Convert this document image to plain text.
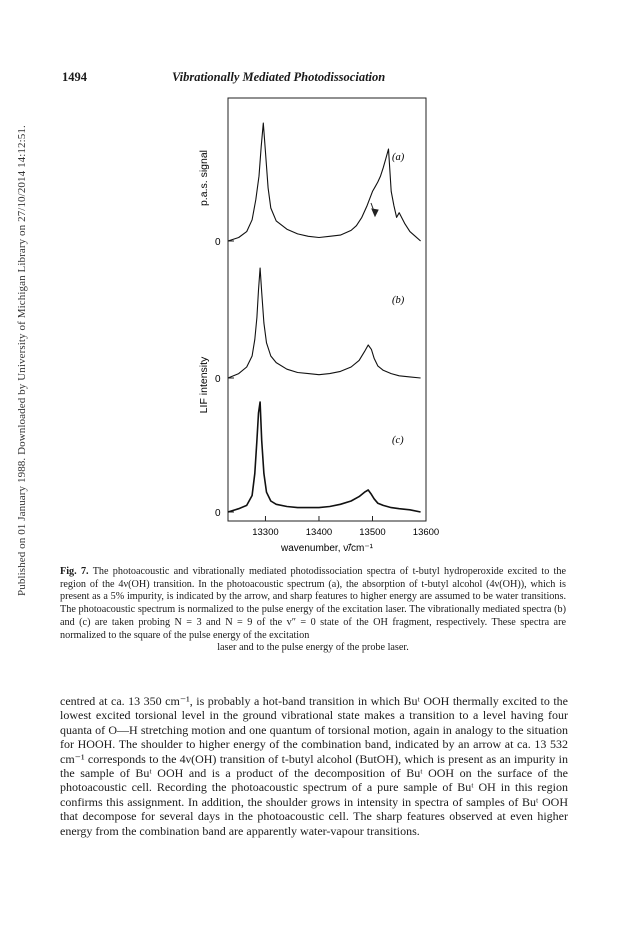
1494	Vibrationally Mediated Photodissociation
Published on 01 January 1988. Downloaded by University of Michigan Library on 27/10/2014 14:12:51.	p.a.s. signal
LIF intensity
0
0
0
(a)
(b)
(c)
13300	13400	13500	13600
wavenumber, ν̃/cm⁻¹
Fig. 7. The photoacoustic and vibrationally mediated photodissociation spectra of t-butyl hydroperoxide excited to the region of the 4ν(OH) transition. In the photoacoustic spectrum (a), the absorption of t-butyl alcohol (4ν(OH)), which is present as a 5% impurity, is indicated by the arrow, and sharp features to higher energy are assumed to be water transitions. The photoacoustic spectrum is normalized to the pulse energy of the excitation laser. The vibrationally mediated spectra (b) and (c) are taken probing N = 3 and N = 9 of the v″ = 0 state of the OH fragment, respectively. These spectra are normalized to the square of the pulse energy of the excitation
laser and to the pulse energy of the probe laser.
centred at ca. 13 350 cm⁻¹, is probably a hot-band transition in which Buᵗ OOH thermally excited to the lowest excited torsional level in the ground vibrational state makes a transition to a level having four quanta of O—H stretching motion and one quantum of torsional motion, again in analogy to the situation for HOOH. The shoulder to higher energy of the combination band, indicated by an arrow at ca. 13 532 cm⁻¹ corresponds to the 4ν(OH) transition of t-butyl alcohol (ButOH), which is present as an impurity in the sample of Buᵗ OOH and is a product of the decomposition of Buᵗ OOH on the surface of the photoacoustic cell. Recording the photoacoustic spectrum of a pure sample of Buᵗ OH in this region confirms this assignment. In addition, the shoulder grows in intensity in spectra of samples of Buᵗ OOH that decompose for several days in the photoacoustic cell. The sharp features observed at even higher energy from the combination band are apparently water-vapour transitions.
